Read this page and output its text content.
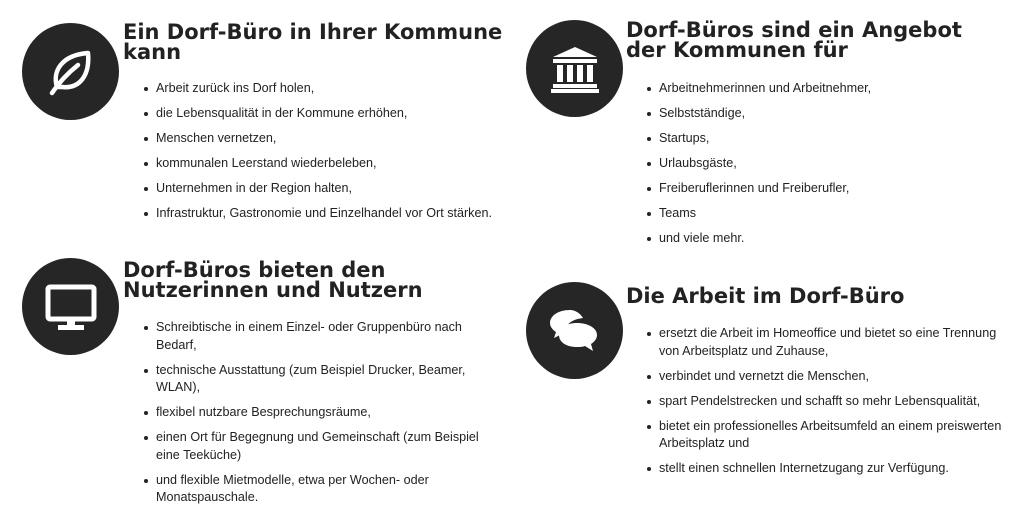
Ein Dorf-Büro in Ihrer Kommune kann
Arbeit zurück ins Dorf holen,
die Lebensqualität in der Kommune erhöhen,
Menschen vernetzen,
kommunalen Leerstand wiederbeleben,
Unternehmen in der Region halten,
Infrastruktur, Gastronomie und Einzelhandel vor Ort stärken.
Dorf-Büros sind ein Angebot der Kommunen für
Arbeitnehmerinnen und Arbeitnehmer,
Selbstständige,
Startups,
Urlaubsgäste,
Freiberuflerinnen und Freiberufler,
Teams
und viele mehr.
Dorf-Büros bieten den Nutzerinnen und Nutzern
Schreibtische in einem Einzel- oder Gruppenbüro nach Bedarf,
technische Ausstattung (zum Beispiel Drucker, Beamer, WLAN),
flexibel nutzbare Besprechungsräume,
einen Ort für Begegnung und Gemeinschaft (zum Beispiel eine Teeküche)
und flexible Mietmodelle, etwa per Wochen- oder Monatspauschale.
Die Arbeit im Dorf-Büro
ersetzt die Arbeit im Homeoffice und bietet so eine Trennung von Arbeitsplatz und Zuhause,
verbindet und vernetzt die Menschen,
spart Pendelstrecken und schafft so mehr Lebensqualität,
bietet ein professionelles Arbeitsumfeld an einem preiswerten Arbeitsplatz und
stellt einen schnellen Internetzugang zur Verfügung.
